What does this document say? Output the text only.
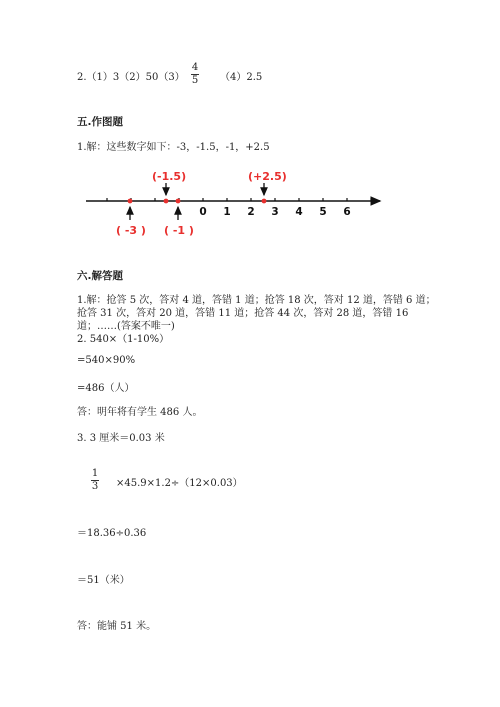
2.（1）3（2）50（3）
4
5	（4）2.5
五.作图题
1.解：这些数字如下：-3，-1.5，-1，+2.5
0 1 2 3 4 5 6
(-1.5)	(+2.5)
( -3 ) ( -1 )
六.解答题
1.解：抢答 5 次，答对 4 道，答错 1 道；抢答 18 次，答对 12 道，答错 6 道；
抢答 31 次，答对 20 道，答错 11 道；抢答 44 次，答对 28 道，答错 16
道；……(答案不唯一)
2. 540×（1-10%）
=540×90%
=486（人）
答：明年将有学生 486 人。
3. 3 厘米＝0.03 米
1
3	×45.9×1.2÷（12×0.03）
＝18.36÷0.36
＝51（米）
答：能铺 51 米。
